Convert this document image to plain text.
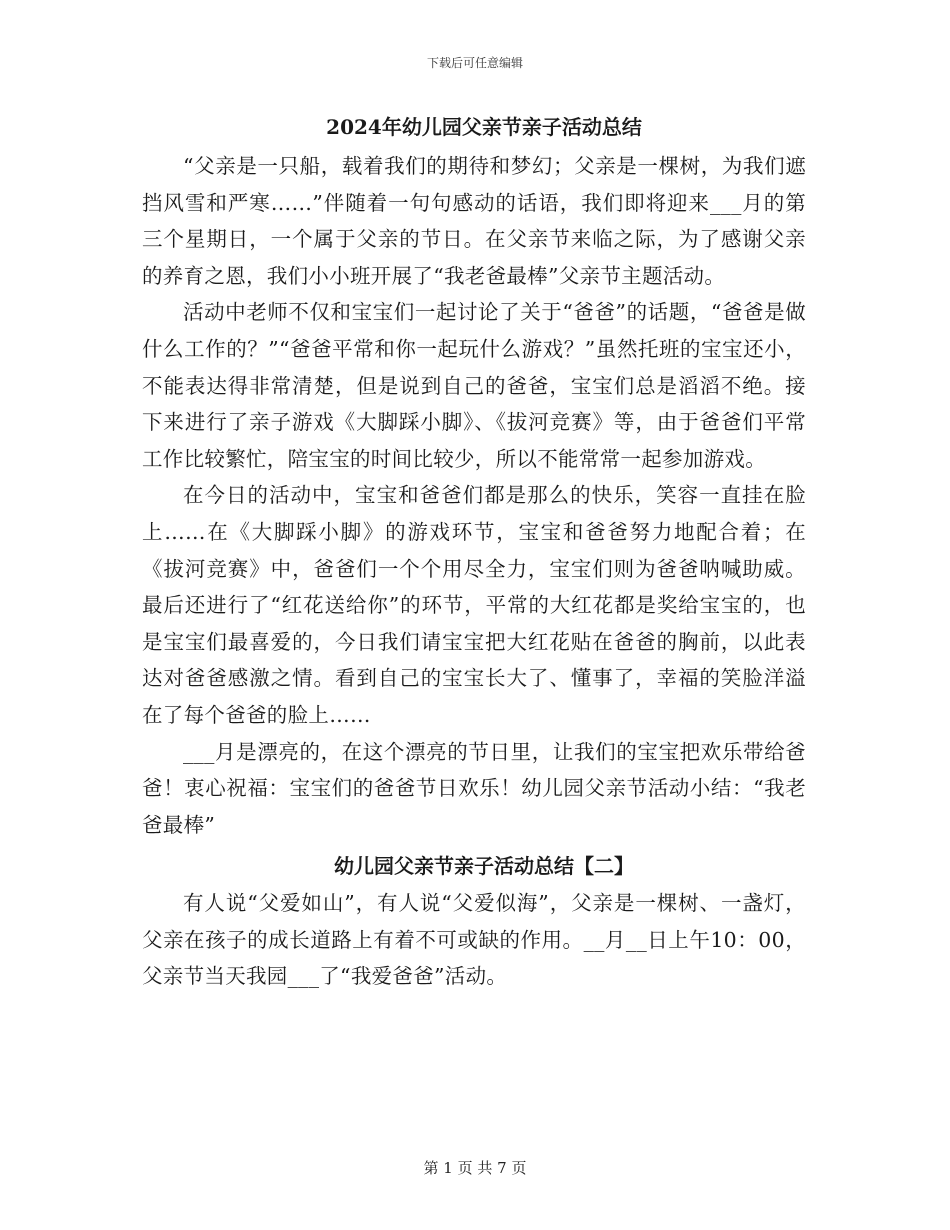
下载后可任意编辑
2024年幼儿园父亲节亲子活动总结

“父亲是一只船，载着我们的期待和梦幻；父亲是一棵树，为我们遮挡风雪和严寒……”伴随着一句句感动的话语，我们即将迎来___月的第三个星期日，一个属于父亲的节日。在父亲节来临之际，为了感谢父亲的养育之恩，我们小小班开展了“我老爸最棒”父亲节主题活动。

活动中老师不仅和宝宝们一起讨论了关于“爸爸”的话题，“爸爸是做什么工作的？”“爸爸平常和你一起玩什么游戏？”虽然托班的宝宝还小，不能表达得非常清楚，但是说到自己的爸爸，宝宝们总是滔滔不绝。接下来进行了亲子游戏《大脚踩小脚》、《拔河竞赛》等，由于爸爸们平常工作比较繁忙，陪宝宝的时间比较少，所以不能常常一起参加游戏。

在今日的活动中，宝宝和爸爸们都是那么的快乐，笑容一直挂在脸上……在《大脚踩小脚》的游戏环节，宝宝和爸爸努力地配合着；在《拔河竞赛》中，爸爸们一个个用尽全力，宝宝们则为爸爸呐喊助威。最后还进行了“红花送给你”的环节，平常的大红花都是奖给宝宝的，也是宝宝们最喜爱的，今日我们请宝宝把大红花贴在爸爸的胸前，以此表达对爸爸感激之情。看到自己的宝宝长大了、懂事了，幸福的笑脸洋溢在了每个爸爸的脸上……

___月是漂亮的，在这个漂亮的节日里，让我们的宝宝把欢乐带给爸爸！衷心祝福：宝宝们的爸爸节日欢乐！幼儿园父亲节活动小结：“我老爸最棒”

幼儿园父亲节亲子活动总结【二】

有人说“父爱如山”，有人说“父爱似海”，父亲是一棵树、一盏灯，父亲在孩子的成长道路上有着不可或缺的作用。__月__日上午10：00，父亲节当天我园___了“我爱爸爸”活动。

第 1 页 共 7 页
